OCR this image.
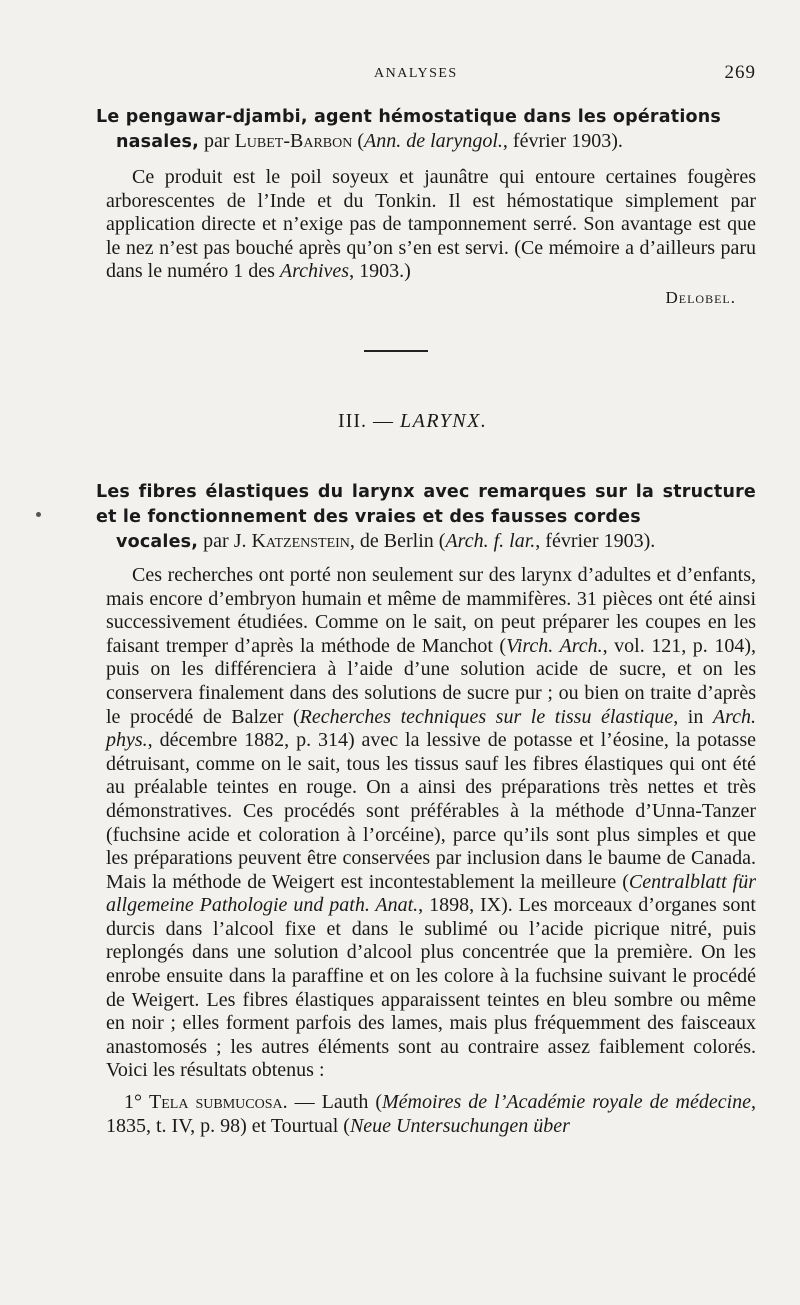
ANALYSES	269
Le pengawar-djambi, agent hémostatique dans les opérations
nasales, par Lubet-Barbon (Ann. de laryngol., février 1903).

Ce produit est le poil soyeux et jaunâtre qui entoure certaines fougères arborescentes de l’Inde et du Tonkin. Il est hémostatique simplement par application directe et n’exige pas de tamponnement serré. Son avantage est que le nez n’est pas bouché après qu’on s’en est servi. (Ce mémoire a d’ailleurs paru dans le numéro 1 des Archives, 1903.)

Delobel.
III. — LARYNX.
Les fibres élastiques du larynx avec remarques sur la structure et le fonctionnement des vraies et des fausses cordes
vocales, par J. Katzenstein, de Berlin (Arch. f. lar., février 1903).

Ces recherches ont porté non seulement sur des larynx d’adultes et d’enfants, mais encore d’embryon humain et même de mammifères. 31 pièces ont été ainsi successivement étudiées. Comme on le sait, on peut préparer les coupes en les faisant tremper d’après la méthode de Manchot (Virch. Arch., vol. 121, p. 104), puis on les différenciera à l’aide d’une solution acide de sucre, et on les conservera finalement dans des solutions de sucre pur ; ou bien on traite d’après le procédé de Balzer (Recherches techniques sur le tissu élastique, in Arch. phys., décembre 1882, p. 314) avec la lessive de potasse et l’éosine, la potasse détruisant, comme on le sait, tous les tissus sauf les fibres élastiques qui ont été au préalable teintes en rouge. On a ainsi des préparations très nettes et très démonstratives. Ces procédés sont préférables à la méthode d’Unna-Tanzer (fuchsine acide et coloration à l’orcéine), parce qu’ils sont plus simples et que les préparations peuvent être conservées par inclusion dans le baume de Canada. Mais la méthode de Weigert est incontestablement la meilleure (Centralblatt für allgemeine Pathologie und path. Anat., 1898, IX). Les morceaux d’organes sont durcis dans l’alcool fixe et dans le sublimé ou l’acide picrique nitré, puis replongés dans une solution d’alcool plus concentrée que la première. On les enrobe ensuite dans la paraffine et on les colore à la fuchsine suivant le procédé de Weigert. Les fibres élastiques apparaissent teintes en bleu sombre ou même en noir ; elles forment parfois des lames, mais plus fréquemment des faisceaux anastomosés ; les autres éléments sont au contraire assez faiblement colorés. Voici les résultats obtenus :

1° Tela submucosa. — Lauth (Mémoires de l’Académie royale de médecine, 1835, t. IV, p. 98) et Tourtual (Neue Untersuchungen über
